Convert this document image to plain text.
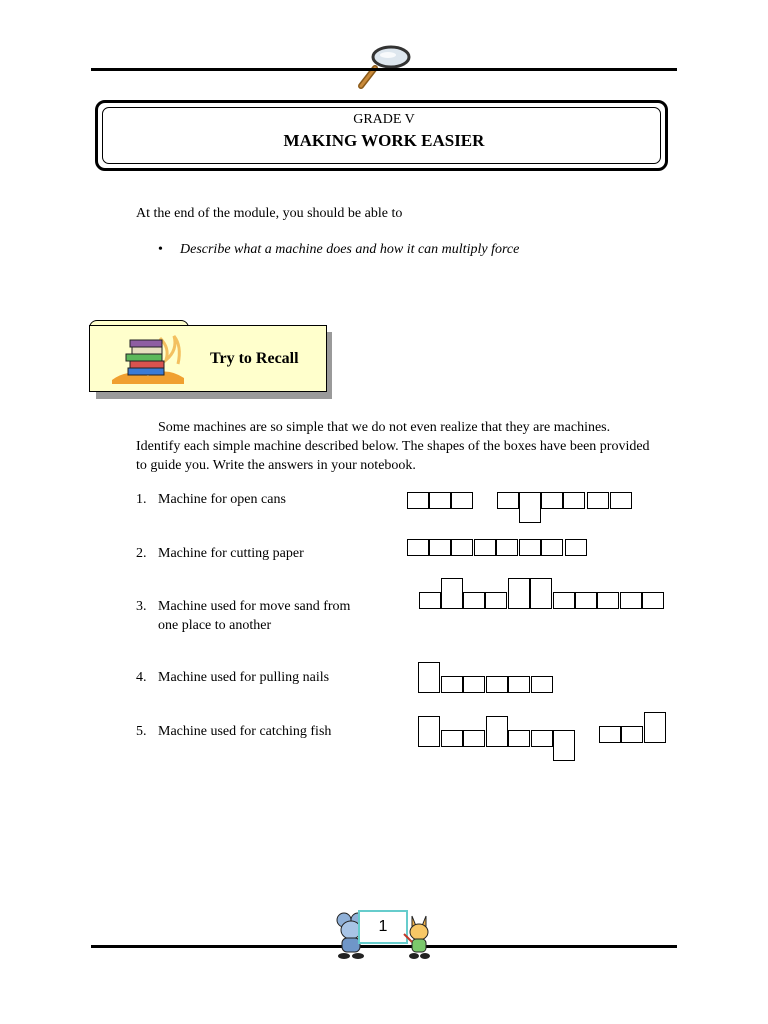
GRADE V
MAKING WORK EASIER
At the end of the module, you should be able to
• Describe what a machine does and how it can multiply force
Try to Recall
Some machines are so simple that we do not even realize that they are machines. Identify each simple machine described below. The shapes of the boxes have been provided to guide you. Write the answers in your notebook.
1. Machine for open cans
2. Machine for cutting paper
3. Machine used for move sand from one place to another
4. Machine used for pulling nails
5. Machine used for catching fish
1
